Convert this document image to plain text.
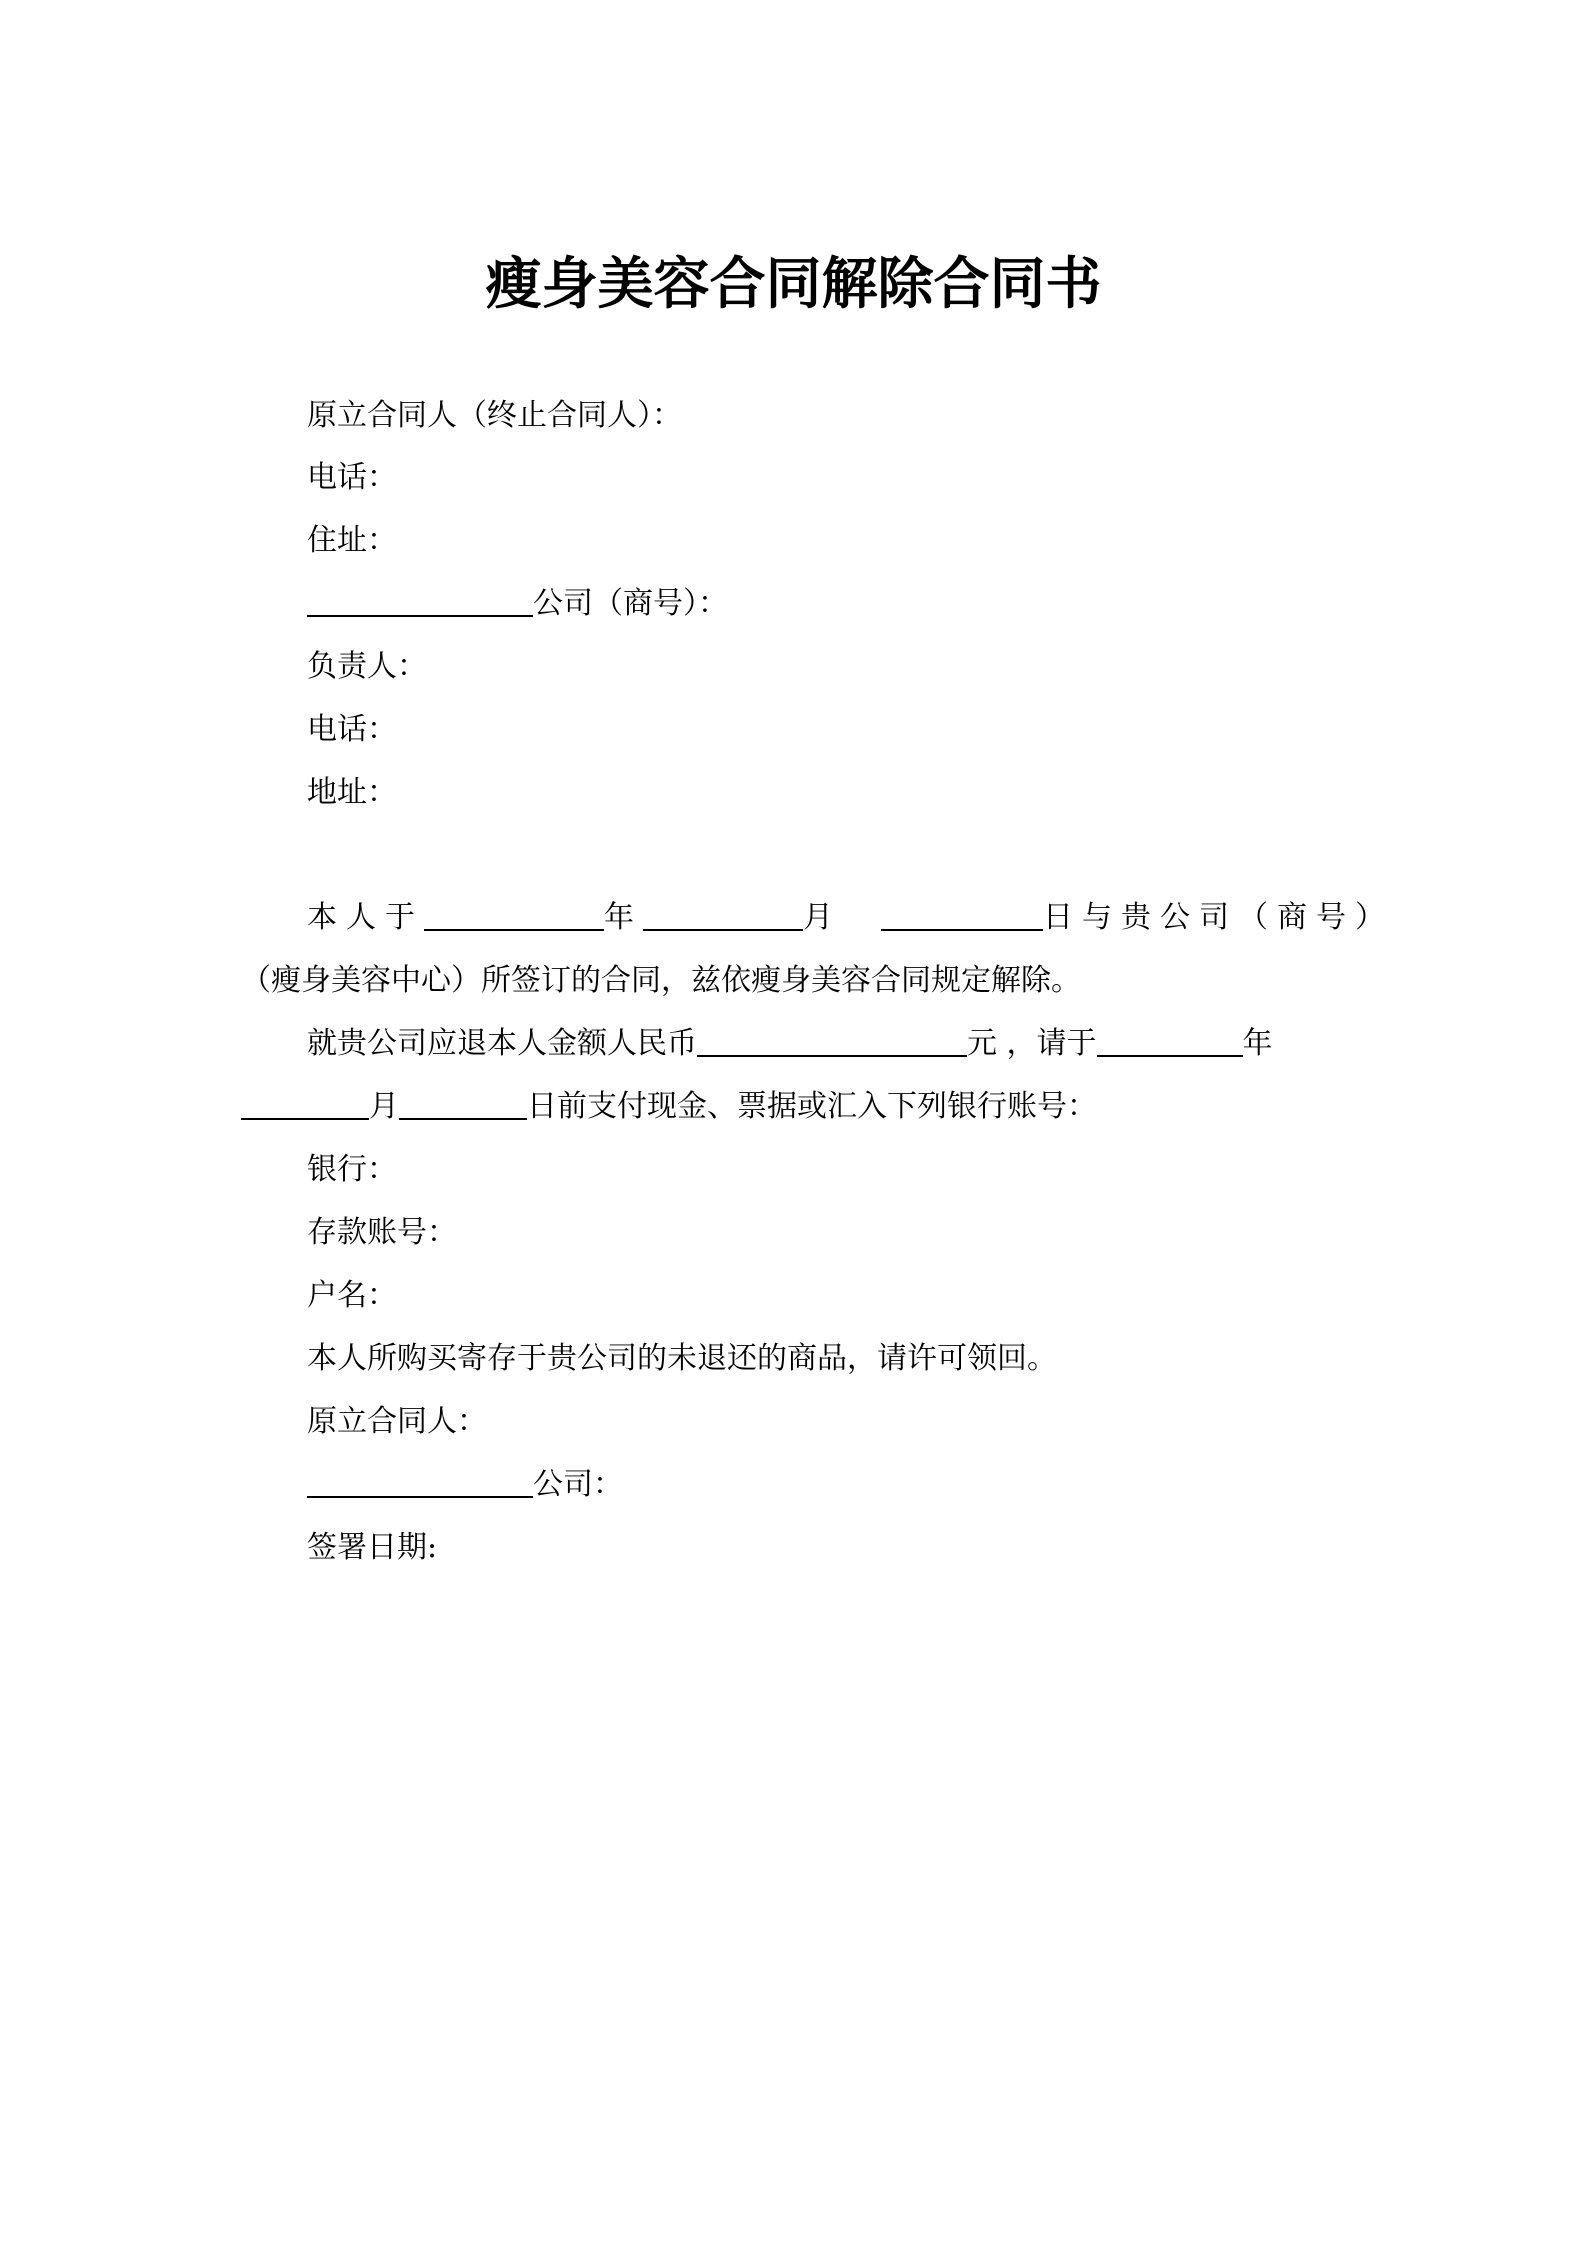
瘦身美容合同解除合同书

原立合同人（终止合同人）：

电话：

住址：

公司（商号）：

负责人：

电话：

地址：

本人于	年	月　	日与贵公司（商号）

（瘦身美容中心）所签订的合同，兹依瘦身美容合同规定解除。

就贵公司应退本人金额人民币	元 ，请于	年

月	日前支付现金、票据或汇入下列银行账号：

银行：

存款账号：

户名：

本人所购买寄存于贵公司的未退还的商品，请许可领回。

原立合同人：

公司：

签署日期:
